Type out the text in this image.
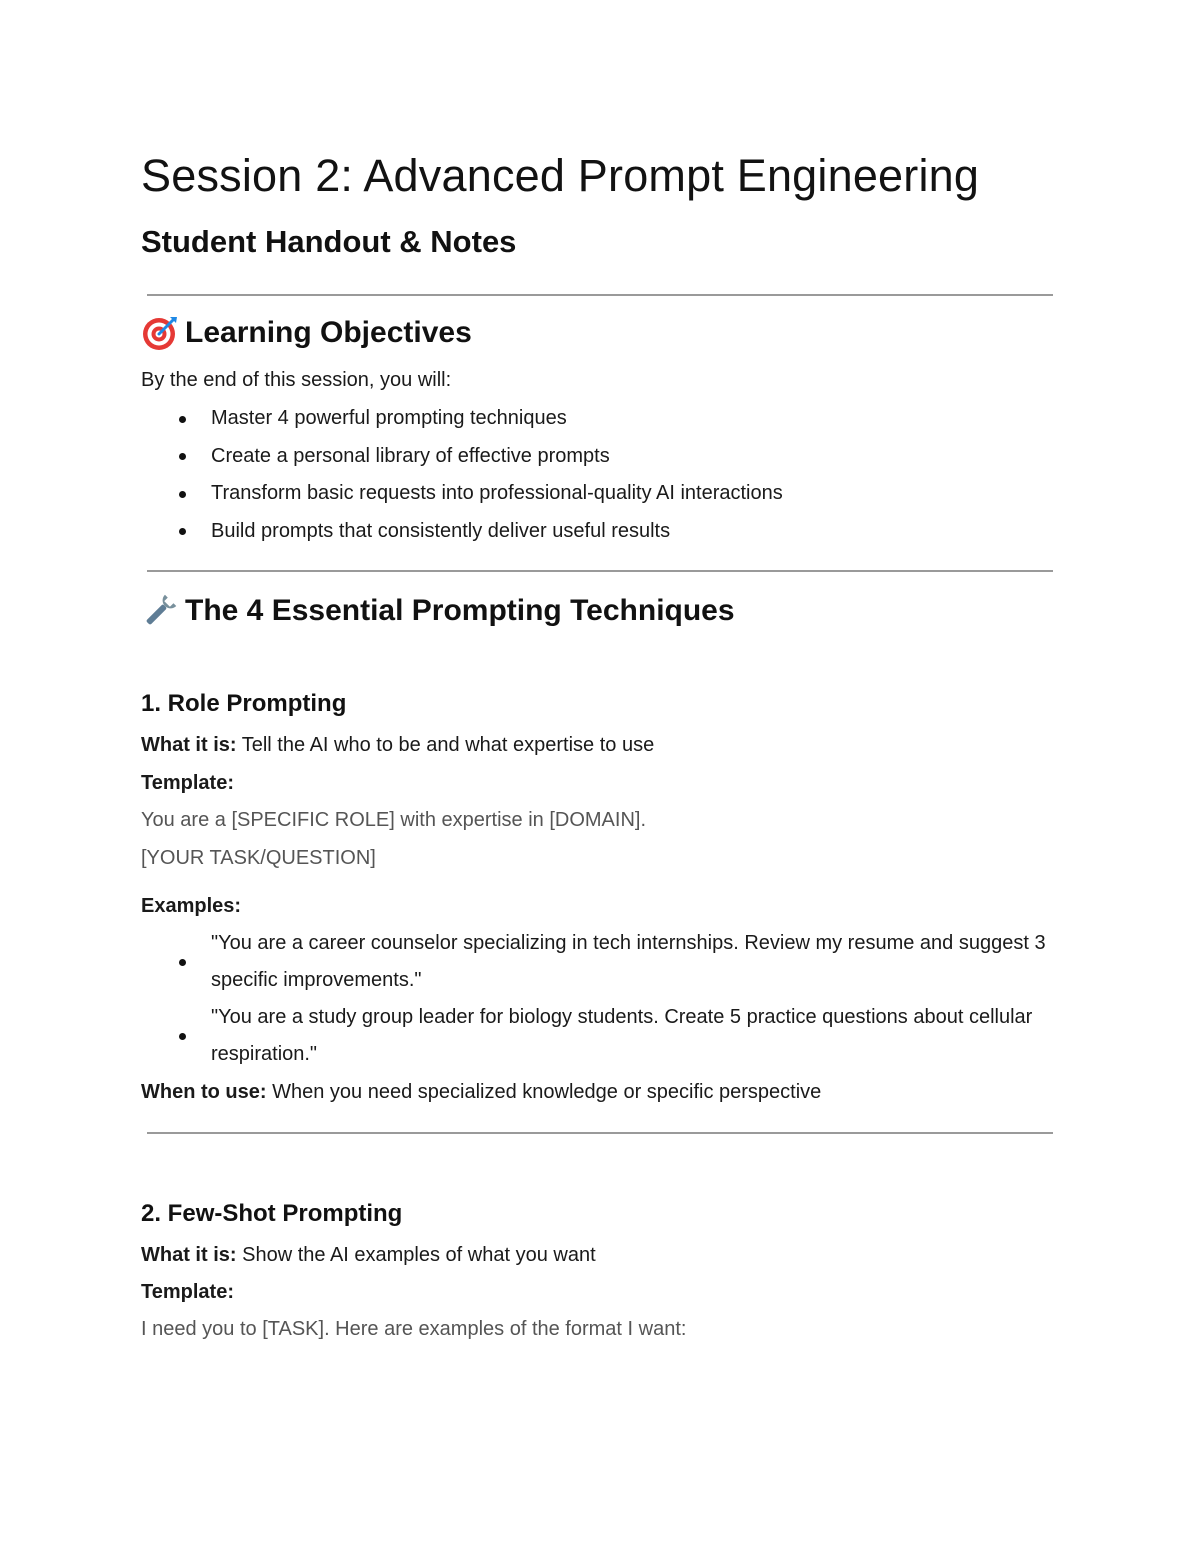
Session 2: Advanced Prompt Engineering
Student Handout & Notes
Learning Objectives
By the end of this session, you will:
Master 4 powerful prompting techniques
Create a personal library of effective prompts
Transform basic requests into professional-quality AI interactions
Build prompts that consistently deliver useful results
The 4 Essential Prompting Techniques
1. Role Prompting
What it is: Tell the AI who to be and what expertise to use
Template:
You are a [SPECIFIC ROLE] with expertise in [DOMAIN].
[YOUR TASK/QUESTION]
Examples:
"You are a career counselor specializing in tech internships. Review my resume and suggest 3 specific improvements."
"You are a study group leader for biology students. Create 5 practice questions about cellular respiration."
When to use: When you need specialized knowledge or specific perspective
2. Few-Shot Prompting
What it is: Show the AI examples of what you want
Template:
I need you to [TASK]. Here are examples of the format I want:
